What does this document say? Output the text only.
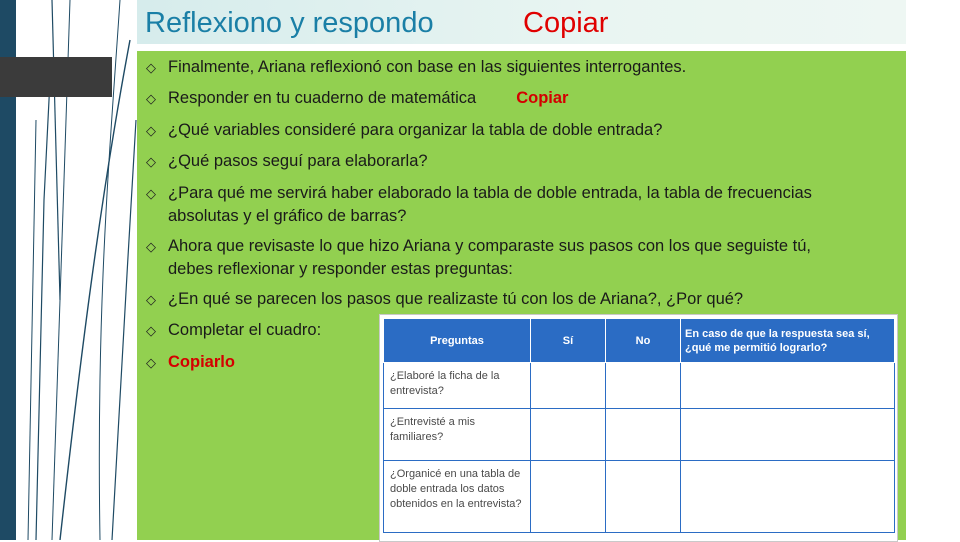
Reflexiono y respondo	Copiar
◇ Finalmente, Ariana reflexionó con base en las siguientes interrogantes.
◇ Responder en tu cuaderno de matemática Copiar
◇ ¿Qué variables consideré para organizar la tabla de doble entrada?
◇ ¿Qué pasos seguí para elaborarla?
◇ ¿Para qué me servirá haber elaborado la tabla de doble entrada, la tabla de frecuencias
absolutas y el gráfico de barras?
◇ Ahora que revisaste lo que hizo Ariana y comparaste sus pasos con los que seguiste tú,
debes reflexionar y responder estas preguntas:
◇ ¿En qué se parecen los pasos que realizaste tú con los de Ariana?, ¿Por qué?
◇ Completar el cuadro:
◇ Copiarlo
Preguntas	Sí	No	En caso de que la respuesta sea sí, ¿qué me permitió lograrlo?
¿Elaboré la ficha de la entrevista?			
¿Entrevisté a mis familiares?			
¿Organicé en una tabla de doble entrada los datos obtenidos en la entrevista?			
